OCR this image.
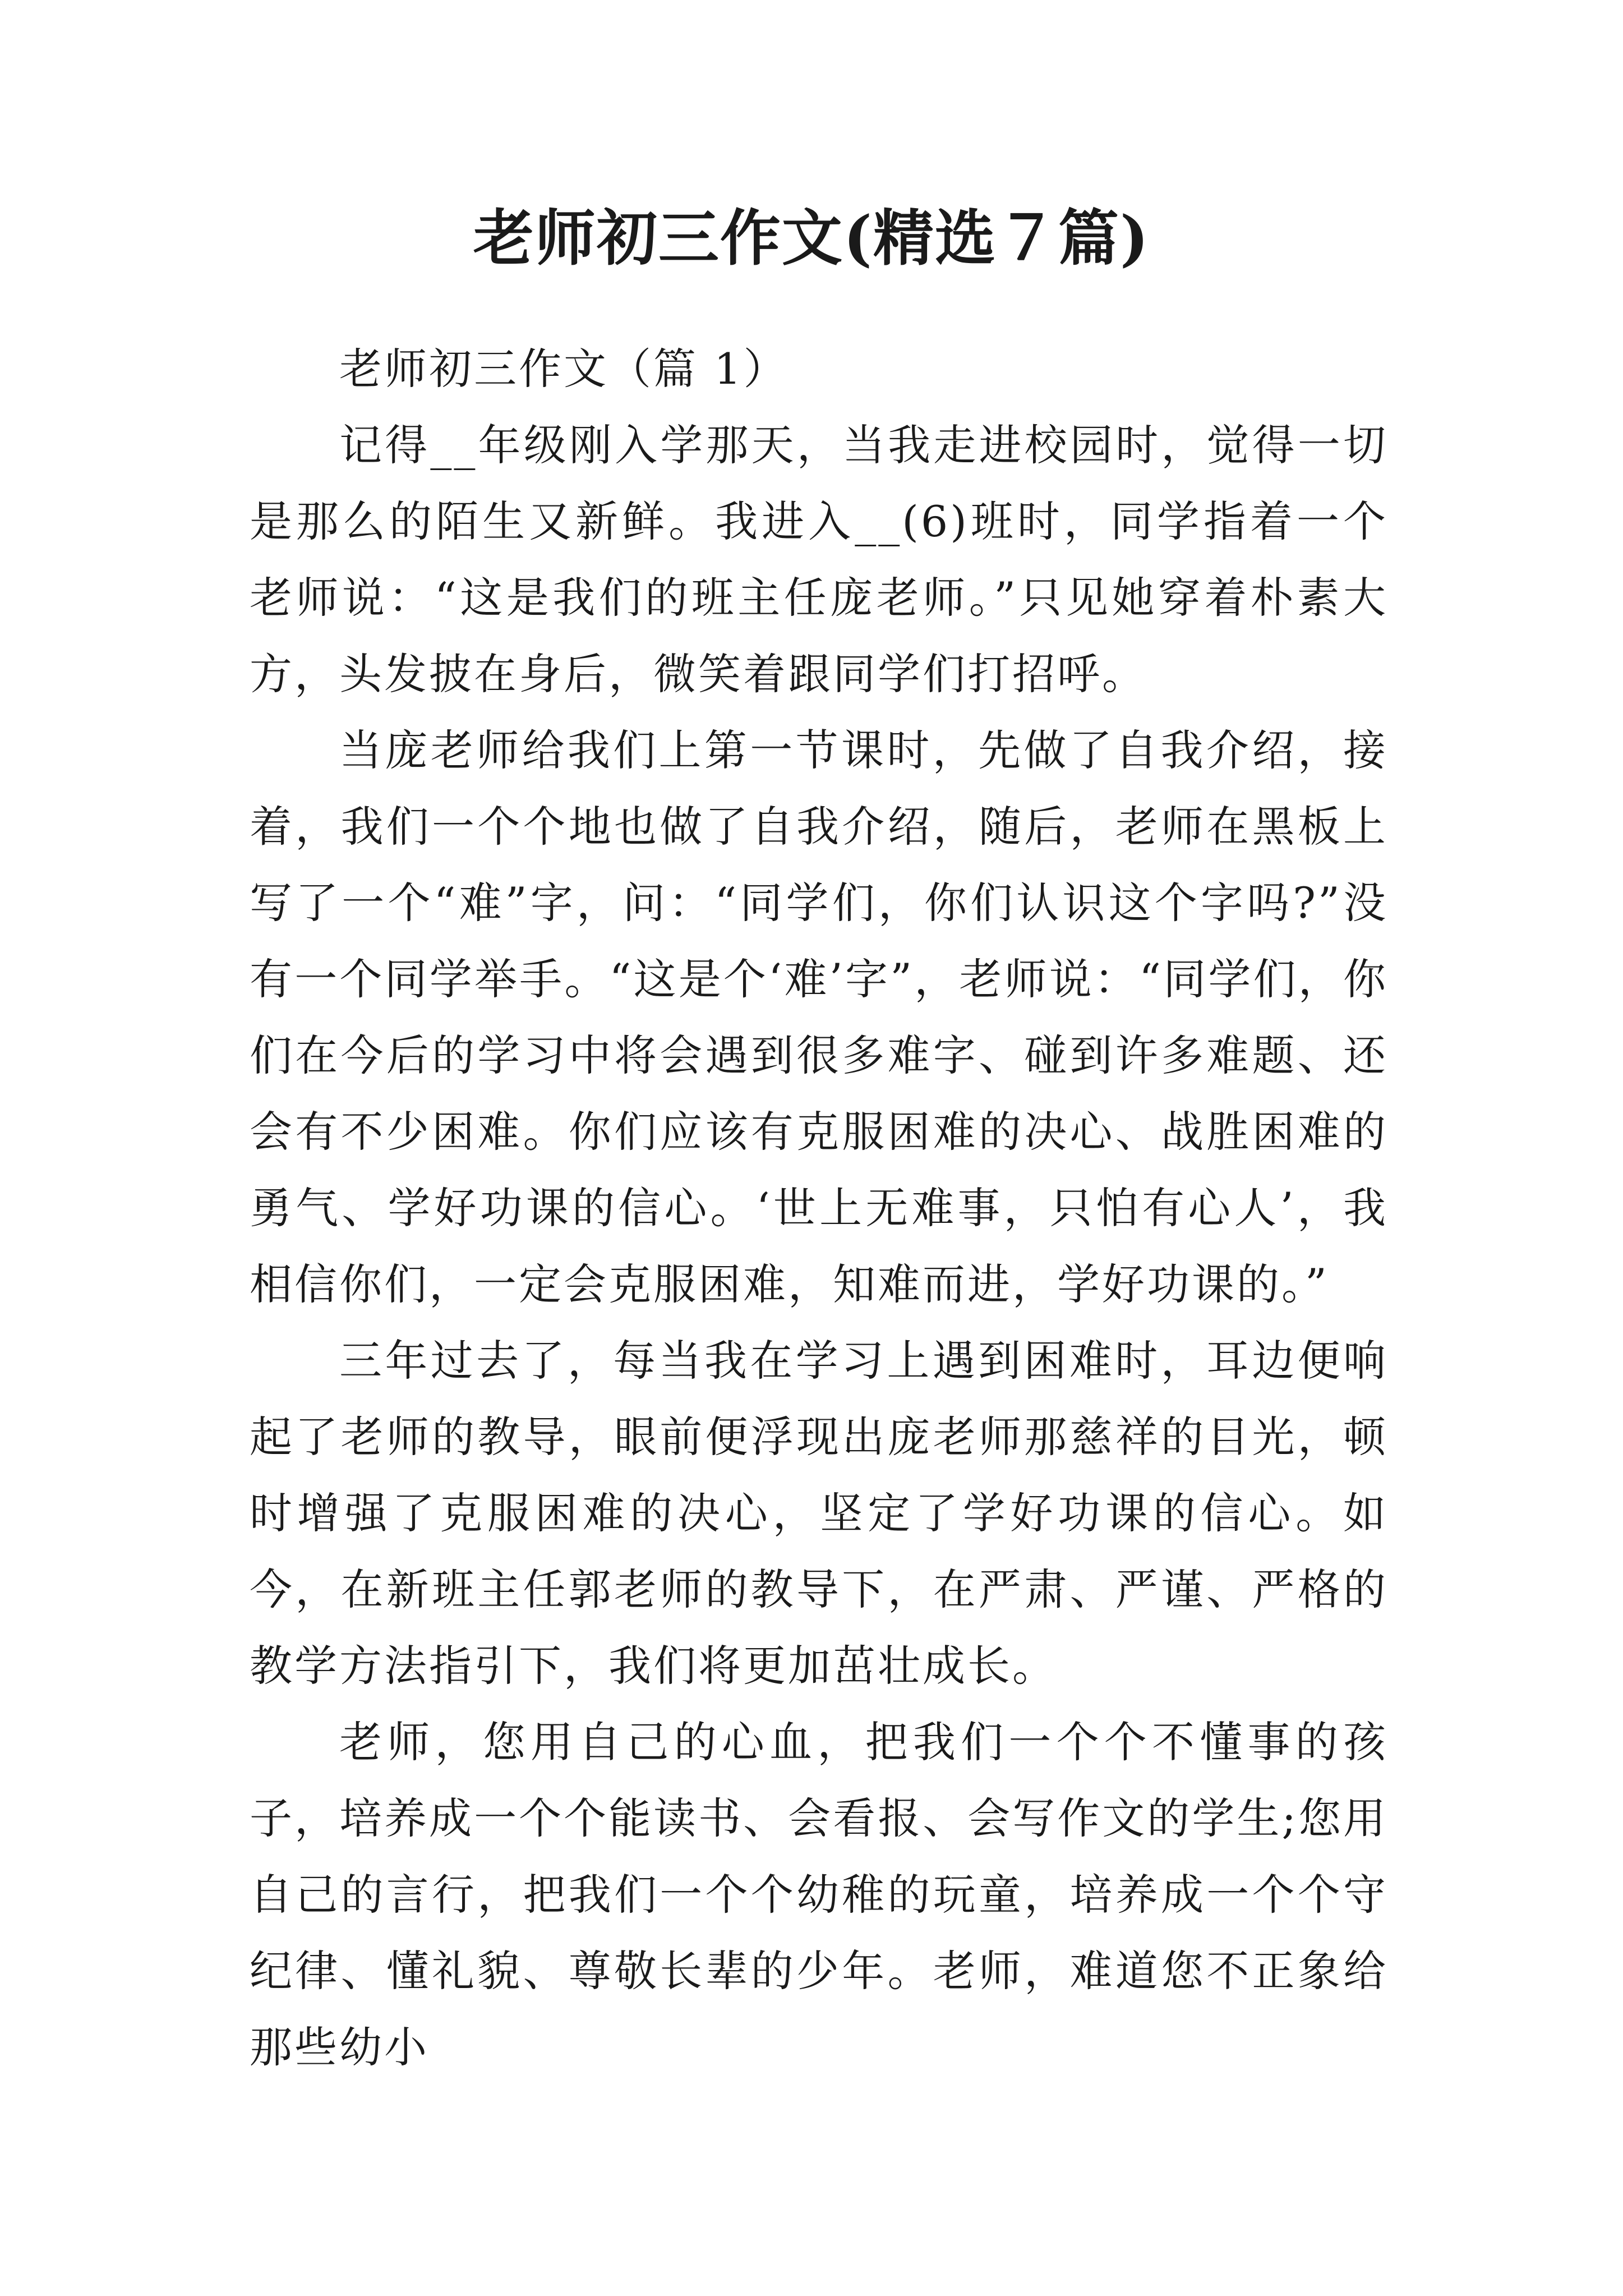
老师初三作文(精选７篇)

老师初三作文（篇 1）

记得__年级刚入学那天，当我走进校园时，觉得一切是那么的陌生又新鲜。我进入__(6)班时，同学指着一个老师说：“这是我们的班主任庞老师。”只见她穿着朴素大方，头发披在身后，微笑着跟同学们打招呼。

当庞老师给我们上第一节课时，先做了自我介绍，接着，我们一个个地也做了自我介绍，随后，老师在黑板上写了一个“难”字，问：“同学们，你们认识这个字吗?”没有一个同学举手。“这是个‘难’字”，老师说：“同学们，你们在今后的学习中将会遇到很多难字、碰到许多难题、还会有不少困难。你们应该有克服困难的决心、战胜困难的勇气、学好功课的信心。‘世上无难事，只怕有心人’，我相信你们，一定会克服困难，知难而进，学好功课的。”

三年过去了，每当我在学习上遇到困难时，耳边便响起了老师的教导，眼前便浮现出庞老师那慈祥的目光，顿时增强了克服困难的决心，坚定了学好功课的信心。如今，在新班主任郭老师的教导下，在严肃、严谨、严格的教学方法指引下，我们将更加茁壮成长。

老师，您用自己的心血，把我们一个个不懂事的孩子，培养成一个个能读书、会看报、会写作文的学生;您用自己的言行，把我们一个个幼稚的玩童，培养成一个个守纪律、懂礼貌、尊敬长辈的少年。老师，难道您不正象给那些幼小
